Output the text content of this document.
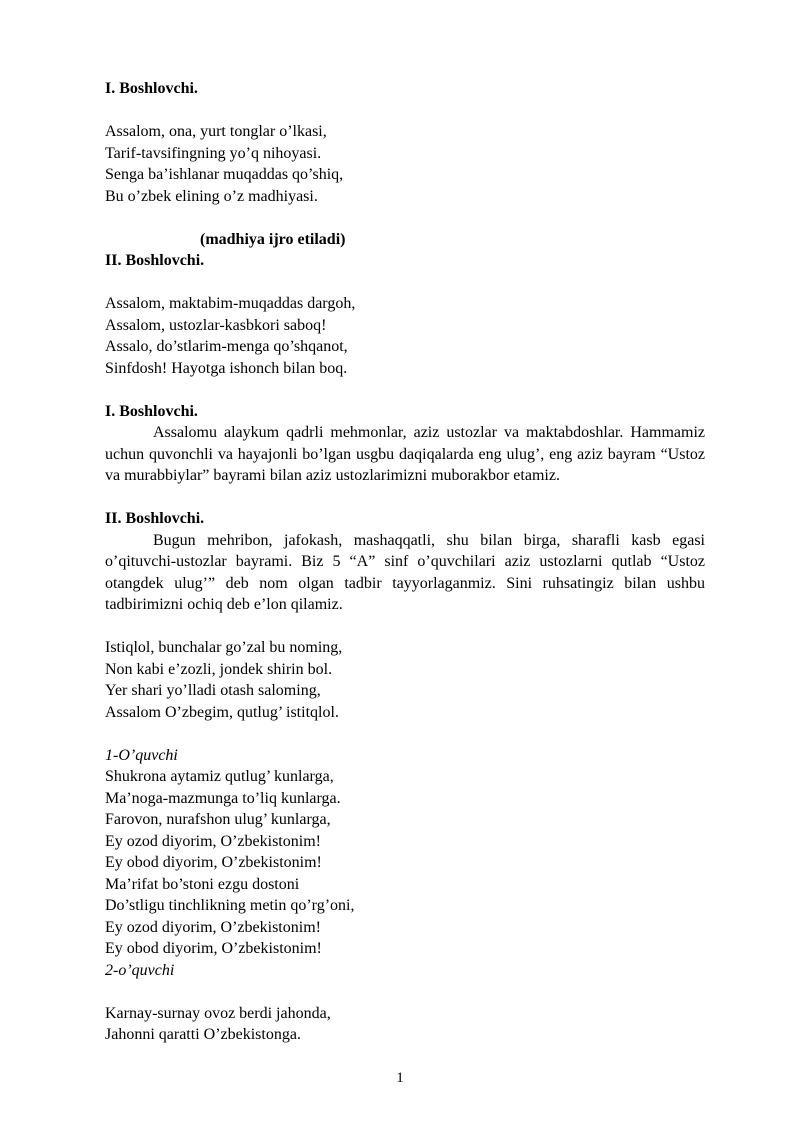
I. Boshlovchi.

Assalom, ona, yurt tonglar o’lkasi,

Tarif-tavsifingning yo’q nihoyasi.

Senga ba’ishlanar muqaddas qo’shiq,

Bu o’zbek elining o’z madhiyasi.

(madhiya ijro etiladi)

II. Boshlovchi.

Assalom, maktabim-muqaddas dargoh,

Assalom, ustozlar-kasbkori saboq!

Assalo, do’stlarim-menga qo’shqanot,

Sinfdosh! Hayotga ishonch bilan boq.

I. Boshlovchi.

Assalomu alaykum qadrli mehmonlar, aziz ustozlar va maktabdoshlar. Hammamiz uchun quvonchli va hayajonli bo’lgan usgbu daqiqalarda eng ulug’, eng aziz bayram “Ustoz va murabbiylar” bayrami bilan aziz ustozlarimizni muborakbor etamiz.

II. Boshlovchi.

Bugun mehribon, jafokash, mashaqqatli, shu bilan birga, sharafli kasb egasi o’qituvchi-ustozlar bayrami. Biz 5 “A” sinf o’quvchilari aziz ustozlarni qutlab “Ustoz otangdek ulug’” deb nom olgan tadbir tayyorlaganmiz. Sini ruhsatingiz bilan ushbu tadbirimizni ochiq deb e’lon qilamiz.

Istiqlol, bunchalar go’zal bu noming,

Non kabi e’zozli, jondek shirin bol.

Yer shari yo’lladi otash saloming,

Assalom O’zbegim, qutlug’ istitqlol.

1-O’quvchi

Shukrona aytamiz qutlug’ kunlarga,

Ma’noga-mazmunga to’liq kunlarga.

Farovon, nurafshon ulug’ kunlarga,

Ey ozod diyorim, O’zbekistonim!

Ey obod diyorim, O’zbekistonim!

Ma’rifat bo’stoni ezgu dostoni

Do’stligu tinchlikning metin qo’rg’oni,

Ey ozod diyorim, O’zbekistonim!

Ey obod diyorim, O’zbekistonim!

2-o’quvchi

Karnay-surnay ovoz berdi jahonda,

Jahonni qaratti O’zbekistonga.

1
